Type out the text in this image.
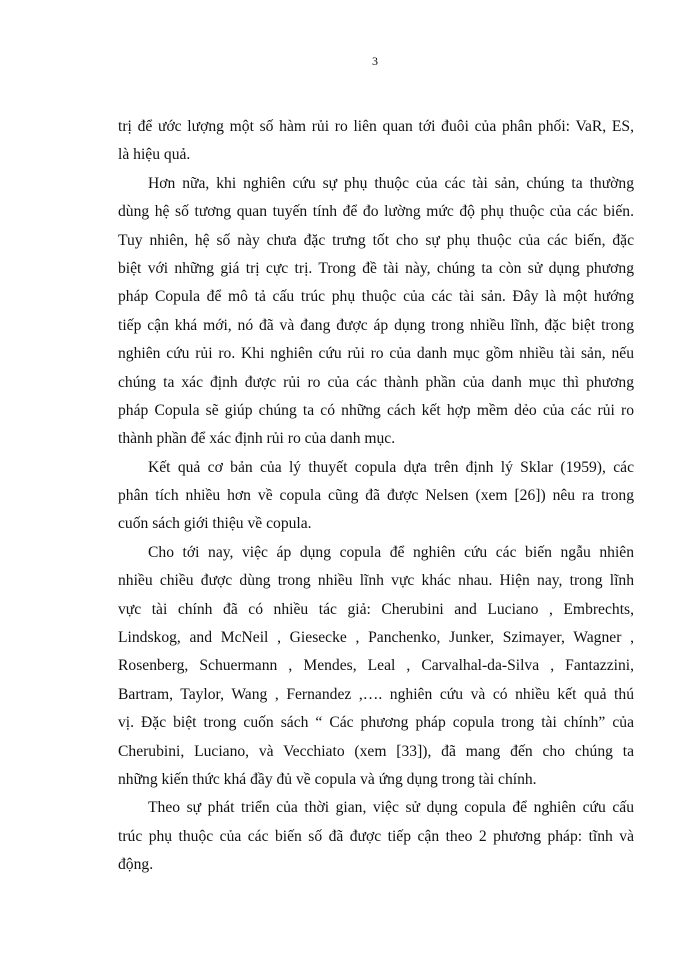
3

trị để ước lượng một số hàm rủi ro liên quan tới đuôi của phân phối: VaR, ES,
là hiệu quả.

Hơn nữa, khi nghiên cứu sự phụ thuộc của các tài sản, chúng ta thường
dùng hệ số tương quan tuyến tính để đo lường mức độ phụ thuộc của các biến.
Tuy nhiên, hệ số này chưa đặc trưng tốt cho sự phụ thuộc của các biến, đặc
biệt với những giá trị cực trị. Trong đề tài này, chúng ta còn sử dụng phương
pháp Copula để mô tả cấu trúc phụ thuộc của các tài sản. Đây là một hướng
tiếp cận khá mới, nó đã và đang được áp dụng trong nhiều lĩnh, đặc biệt trong
nghiên cứu rủi ro. Khi nghiên cứu rủi ro của danh mục gồm nhiều tài sản, nếu
chúng ta xác định được rủi ro của các thành phần của danh mục thì phương
pháp Copula sẽ giúp chúng ta có những cách kết hợp mềm dẻo của các rủi ro
thành phần để xác định rủi ro của danh mục.

Kết quả cơ bản của lý thuyết copula dựa trên định lý Sklar (1959), các
phân tích nhiều hơn về copula cũng đã được Nelsen (xem [26]) nêu ra trong
cuốn sách giới thiệu về copula.

Cho tới nay, việc áp dụng copula để nghiên cứu các biến ngẫu nhiên
nhiều chiều được dùng trong nhiều lĩnh vực khác nhau. Hiện nay, trong lĩnh
vực tài chính đã có nhiều tác giả: Cherubini and Luciano , Embrechts,
Lindskog, and McNeil , Giesecke , Panchenko, Junker, Szimayer, Wagner ,
Rosenberg, Schuermann , Mendes, Leal , Carvalhal-da-Silva , Fantazzini,
Bartram, Taylor, Wang , Fernandez ,…. nghiên cứu và có nhiều kết quả thú
vị. Đặc biệt trong cuốn sách “ Các phương pháp copula trong tài chính” của
Cherubini, Luciano, và Vecchiato (xem [33]), đã mang đến cho chúng ta
những kiến thức khá đầy đủ về copula và ứng dụng trong tài chính.

Theo sự phát triển của thời gian, việc sử dụng copula để nghiên cứu cấu
trúc phụ thuộc của các biến số đã được tiếp cận theo 2 phương pháp: tĩnh và
động.
